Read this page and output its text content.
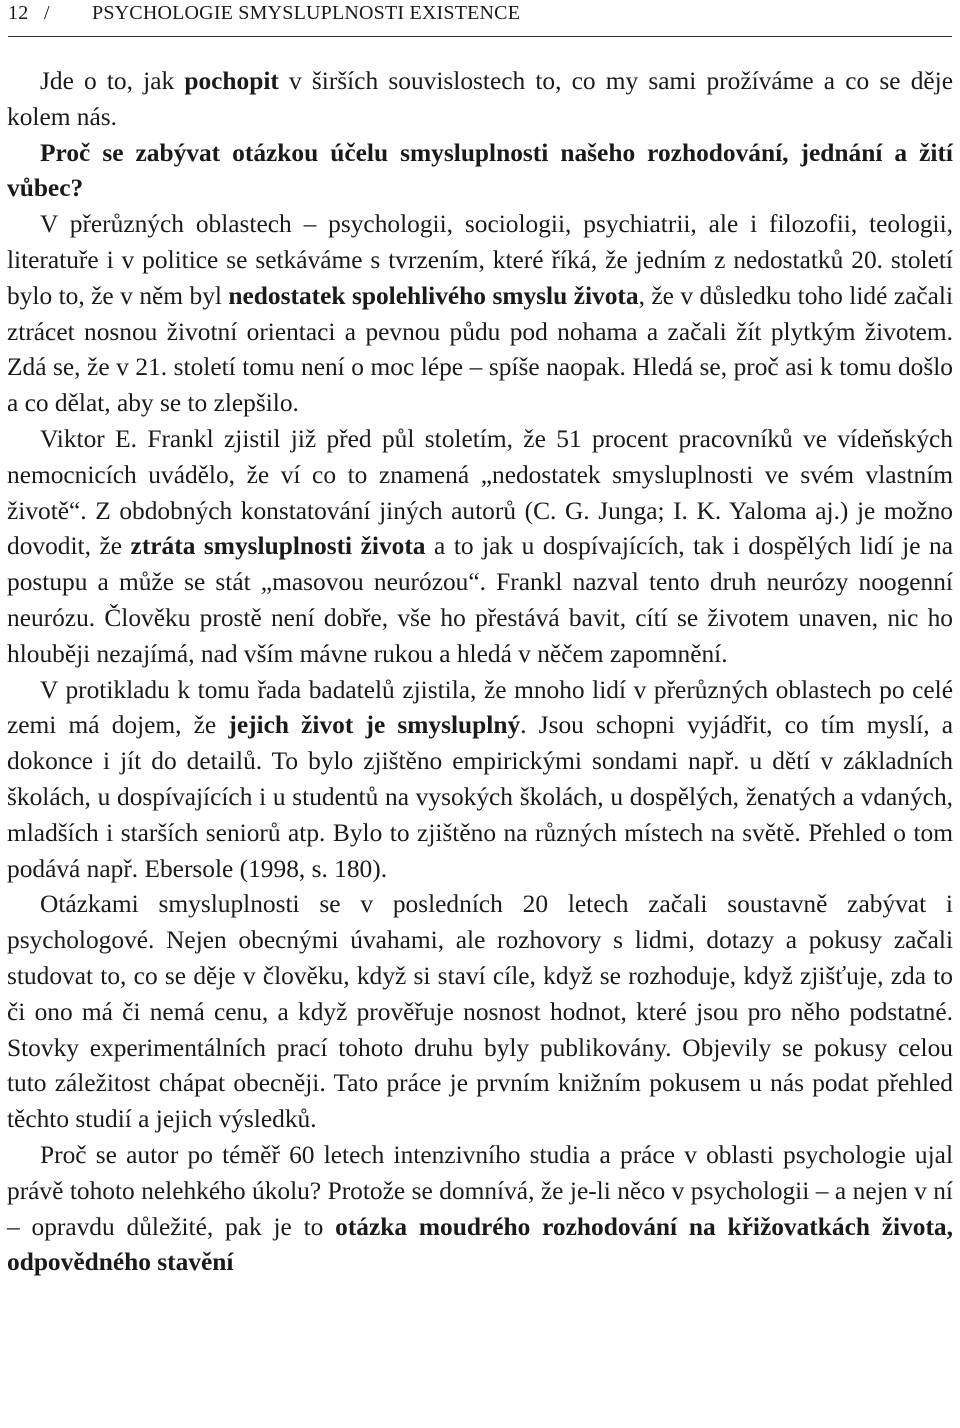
12 / PSYCHOLOGIE SMYSLUPLNOSTI EXISTENCE

Jde o to, jak pochopit v širších souvislostech to, co my sami prožíváme a co se děje kolem nás.

Proč se zabývat otázkou účelu smysluplnosti našeho rozhodování, jednání a žití vůbec?

V přerůzných oblastech – psychologii, sociologii, psychiatrii, ale i filozofii, teologii, literatuře i v politice se setkáváme s tvrzením, které říká, že jedním z nedostatků 20. století bylo to, že v něm byl nedostatek spolehlivého smyslu života, že v důsledku toho lidé začali ztrácet nosnou životní orientaci a pevnou půdu pod nohama a začali žít plytkým životem. Zdá se, že v 21. století tomu není o moc lépe – spíše naopak. Hledá se, proč asi k tomu došlo a co dělat, aby se to zlepšilo.

Viktor E. Frankl zjistil již před půl stoletím, že 51 procent pracovníků ve vídeňských nemocnicích uvádělo, že ví co to znamená „nedostatek smysluplnosti ve svém vlastním životě“. Z obdobných konstatování jiných autorů (C. G. Junga; I. K. Yaloma aj.) je možno dovodit, že ztráta smysluplnosti života a to jak u dospívajících, tak i dospělých lidí je na postupu a může se stát „masovou neurózou“. Frankl nazval tento druh neurózy noogenní neurózu. Člověku prostě není dobře, vše ho přestává bavit, cítí se životem unaven, nic ho hlouběji nezajímá, nad vším mávne rukou a hledá v něčem zapomnění.

V protikladu k tomu řada badatelů zjistila, že mnoho lidí v přerůzných oblastech po celé zemi má dojem, že jejich život je smysluplný. Jsou schopni vyjádřit, co tím myslí, a dokonce i jít do detailů. To bylo zjištěno empirickými sondami např. u dětí v základních školách, u dospívajících i u studentů na vysokých školách, u dospělých, ženatých a vdaných, mladších i starších seniorů atp. Bylo to zjištěno na různých místech na světě. Přehled o tom podává např. Ebersole (1998, s. 180).

Otázkami smysluplnosti se v posledních 20 letech začali soustavně zabývat i psychologové. Nejen obecnými úvahami, ale rozhovory s lidmi, dotazy a pokusy začali studovat to, co se děje v člověku, když si staví cíle, když se rozhoduje, když zjišťuje, zda to či ono má či nemá cenu, a když prověřuje nosnost hodnot, které jsou pro něho podstatné. Stovky experimentálních prací tohoto druhu byly publikovány. Objevily se pokusy celou tuto záležitost chápat obecněji. Tato práce je prvním knižním pokusem u nás podat přehled těchto studií a jejich výsledků.

Proč se autor po téměř 60 letech intenzivního studia a práce v oblasti psychologie ujal právě tohoto nelehkého úkolu? Protože se domnívá, že je-li něco v psychologii – a nejen v ní – opravdu důležité, pak je to otázka moudrého rozhodování na křižovatkách života, odpovědného stavění
